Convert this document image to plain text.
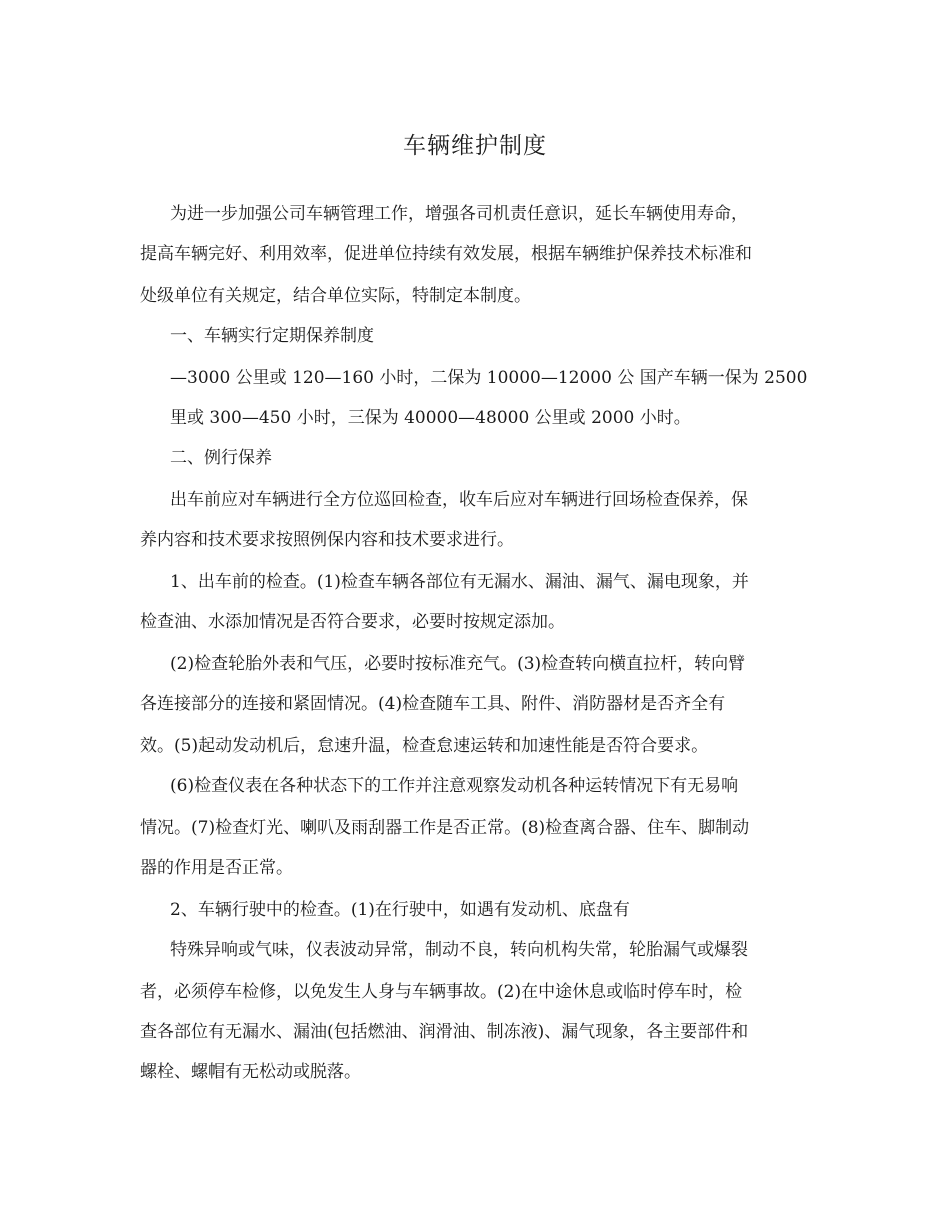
车辆维护制度

为进一步加强公司车辆管理工作，增强各司机责任意识，延长车辆使用寿命，

提高车辆完好、利用效率，促进单位持续有效发展，根据车辆维护保养技术标准和

处级单位有关规定，结合单位实际，特制定本制度。

一、车辆实行定期保养制度

—3000 公里或 120—160 小时，二保为 10000—12000 公 国产车辆一保为 2500

里或 300—450 小时，三保为 40000—48000 公里或 2000 小时。

二、例行保养

出车前应对车辆进行全方位巡回检查，收车后应对车辆进行回场检查保养，保

养内容和技术要求按照例保内容和技术要求进行。

1、出车前的检查。(1)检查车辆各部位有无漏水、漏油、漏气、漏电现象，并

检查油、水添加情况是否符合要求，必要时按规定添加。

(2)检查轮胎外表和气压，必要时按标准充气。(3)检查转向横直拉杆，转向臂

各连接部分的连接和紧固情况。(4)检查随车工具、附件、消防器材是否齐全有

效。(5)起动发动机后，怠速升温，检查怠速运转和加速性能是否符合要求。

(6)检查仪表在各种状态下的工作并注意观察发动机各种运转情况下有无易响

情况。(7)检查灯光、喇叭及雨刮器工作是否正常。(8)检查离合器、住车、脚制动

器的作用是否正常。

2、车辆行驶中的检查。(1)在行驶中，如遇有发动机、底盘有

特殊异响或气味，仪表波动异常，制动不良，转向机构失常，轮胎漏气或爆裂

者，必须停车检修，以免发生人身与车辆事故。(2)在中途休息或临时停车时，检

查各部位有无漏水、漏油(包括燃油、润滑油、制冻液)、漏气现象，各主要部件和

螺栓、螺帽有无松动或脱落。
